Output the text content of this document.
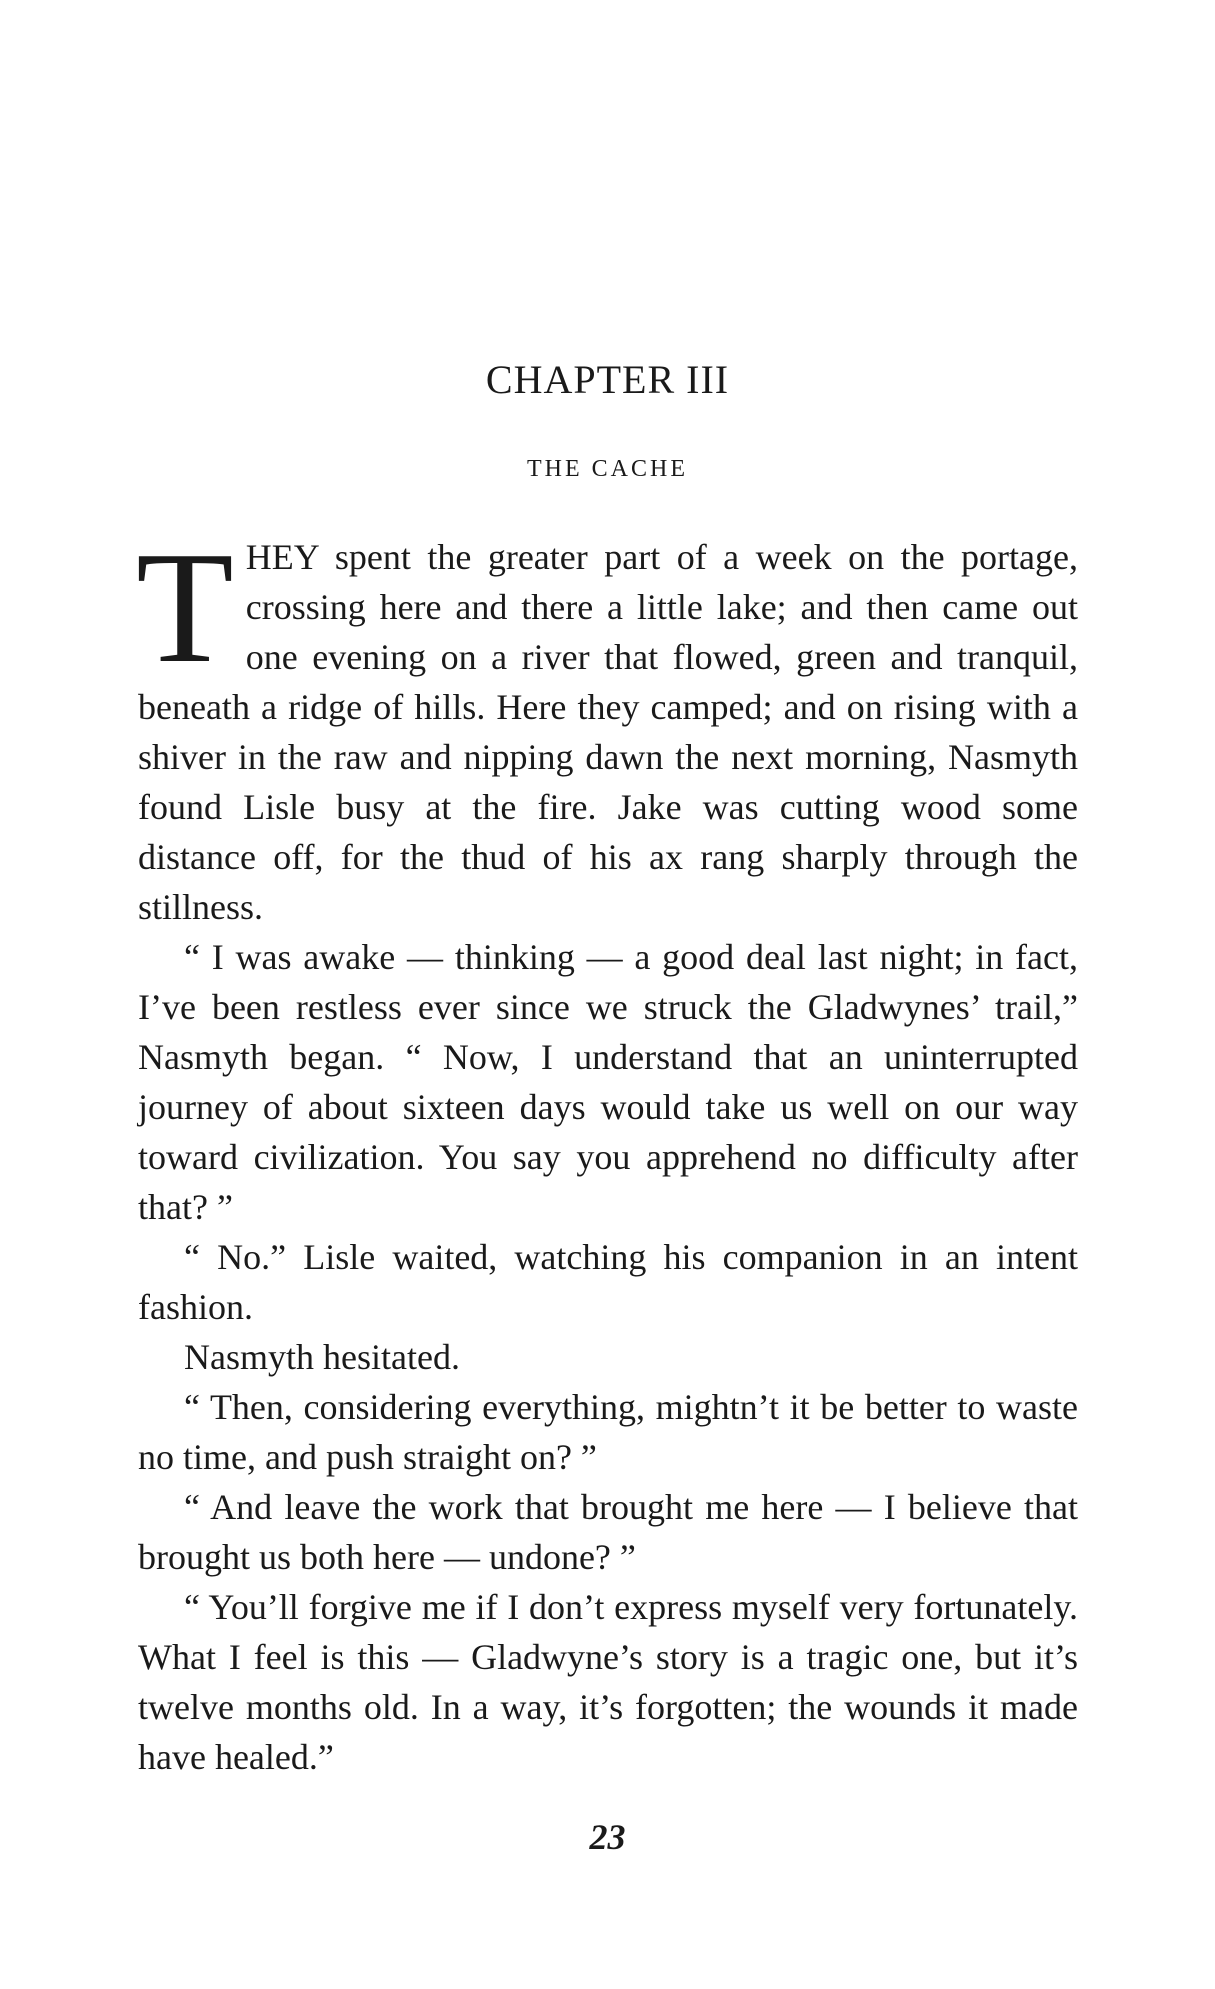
CHAPTER III
THE CACHE

THEY spent the greater part of a week on the portage, crossing here and there a little lake; and then came out one evening on a river that flowed, green and tranquil, beneath a ridge of hills. Here they camped; and on rising with a shiver in the raw and nipping dawn the next morning, Nasmyth found Lisle busy at the fire. Jake was cutting wood some distance off, for the thud of his ax rang sharply through the stillness.

“ I was awake — thinking — a good deal last night; in fact, I’ve been restless ever since we struck the Gladwynes’ trail,” Nasmyth began. “ Now, I understand that an uninterrupted journey of about sixteen days would take us well on our way toward civilization. You say you apprehend no difficulty after that? ”

“ No.” Lisle waited, watching his companion in an intent fashion.

Nasmyth hesitated.

“ Then, considering everything, mightn’t it be better to waste no time, and push straight on? ”

“ And leave the work that brought me here — I believe that brought us both here — undone? ”

“ You’ll forgive me if I don’t express myself very fortunately. What I feel is this — Gladwyne’s story is a tragic one, but it’s twelve months old. In a way, it’s forgotten; the wounds it made have healed.”

23
